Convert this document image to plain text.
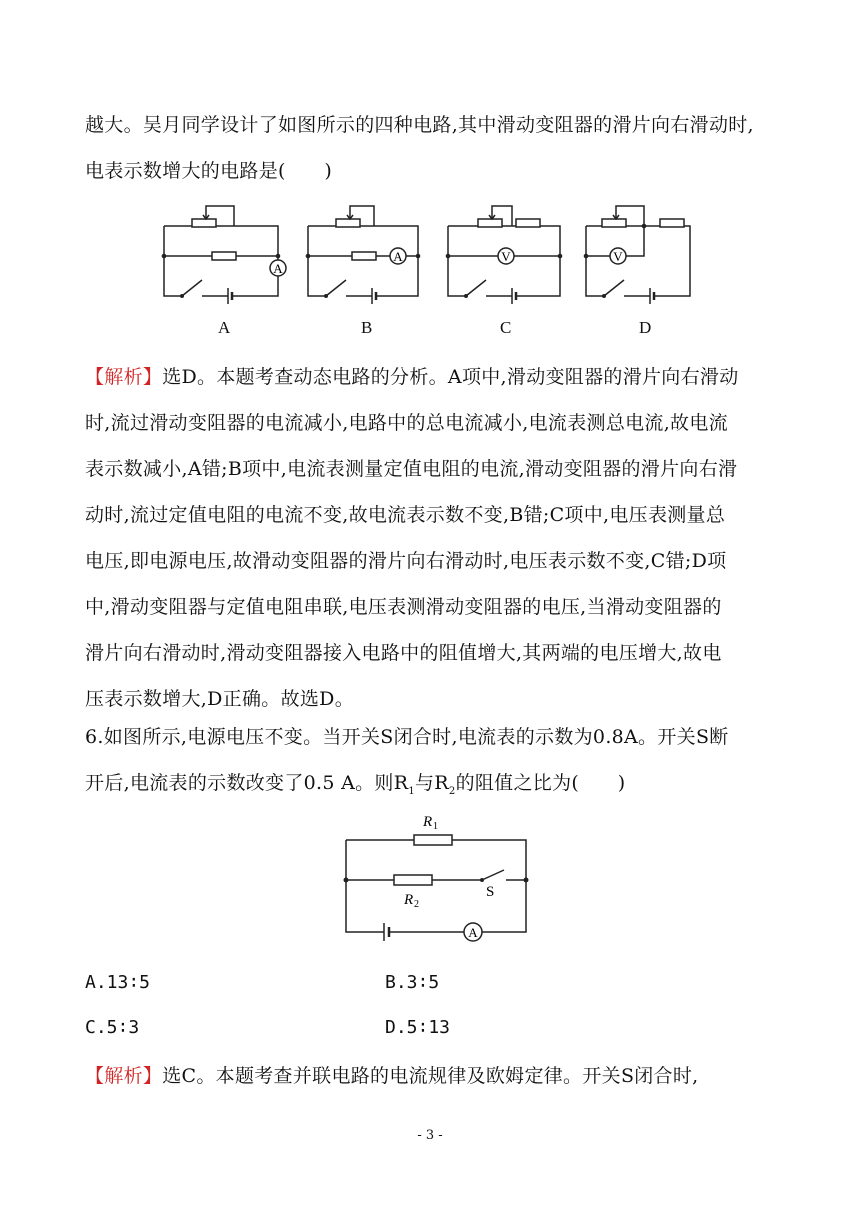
越大。吴月同学设计了如图所示的四种电路,其中滑动变阻器的滑片向右滑动时,
电表示数增大的电路是(　　)
A
A
A
B
V
C
V
D
【解析】选D。本题考查动态电路的分析。A项中,滑动变阻器的滑片向右滑动
时,流过滑动变阻器的电流减小,电路中的总电流减小,电流表测总电流,故电流
表示数减小,A错;B项中,电流表测量定值电阻的电流,滑动变阻器的滑片向右滑
动时,流过定值电阻的电流不变,故电流表示数不变,B错;C项中,电压表测量总
电压,即电源电压,故滑动变阻器的滑片向右滑动时,电压表示数不变,C错;D项
中,滑动变阻器与定值电阻串联,电压表测滑动变阻器的电压,当滑动变阻器的
滑片向右滑动时,滑动变阻器接入电路中的阻值增大,其两端的电压增大,故电
压表示数增大,D正确。故选D。
6.如图所示,电源电压不变。当开关S闭合时,电流表的示数为0.8A。开关S断
开后,电流表的示数改变了0.5 A。则$R_1$与$R_2$的阻值之比为(　　)
R 1
R 2
S
A
A.13∶5	B.3∶5
C.5∶3	D.5∶13
【解析】选C。本题考查并联电路的电流规律及欧姆定律。开关S闭合时,
- 3 -
